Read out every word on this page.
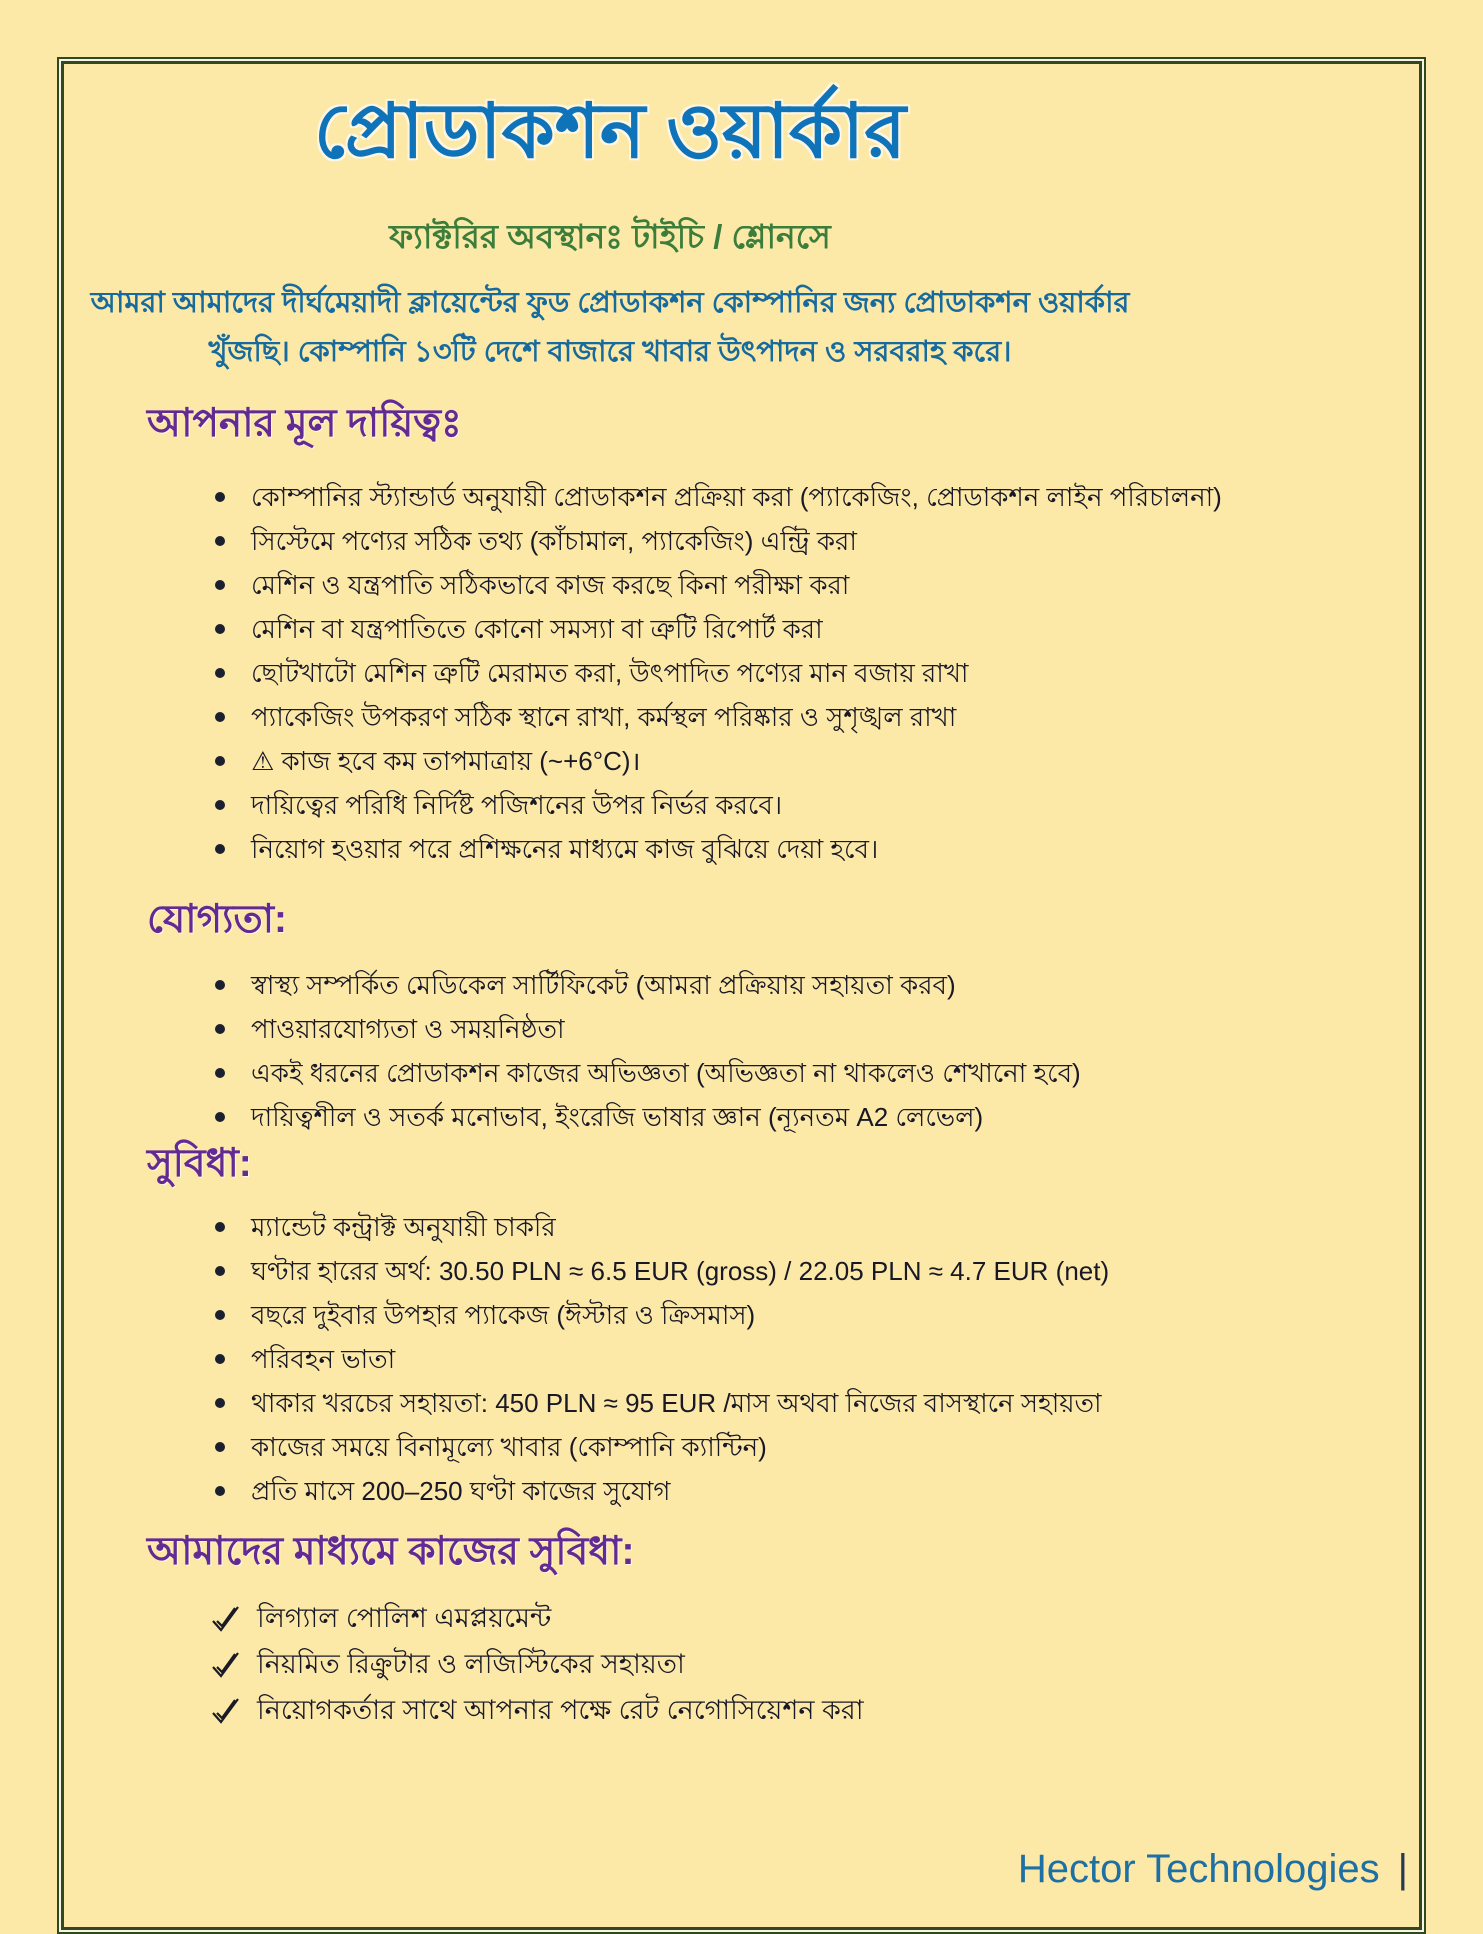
প্রোডাকশন ওয়ার্কার
ফ্যাক্টরির অবস্থানঃ টাইচি / শ্লোনসে
আমরা আমাদের দীর্ঘমেয়াদী ক্লায়েন্টের ফুড প্রোডাকশন কোম্পানির জন্য প্রোডাকশন ওয়ার্কার
খুঁজছি। কোম্পানি ১৩টি দেশে বাজারে খাবার উৎপাদন ও সরবরাহ করে।
আপনার মূল দায়িত্বঃ
কোম্পানির স্ট্যান্ডার্ড অনুযায়ী প্রোডাকশন প্রক্রিয়া করা (প্যাকেজিং, প্রোডাকশন লাইন পরিচালনা)
সিস্টেমে পণ্যের সঠিক তথ্য (কাঁচামাল, প্যাকেজিং) এন্ট্রি করা
মেশিন ও যন্ত্রপাতি সঠিকভাবে কাজ করছে কিনা পরীক্ষা করা
মেশিন বা যন্ত্রপাতিতে কোনো সমস্যা বা ত্রুটি রিপোর্ট করা
ছোটখাটো মেশিন ত্রুটি মেরামত করা, উৎপাদিত পণ্যের মান বজায় রাখা
প্যাকেজিং উপকরণ সঠিক স্থানে রাখা, কর্মস্থল পরিষ্কার ও সুশৃঙ্খল রাখা
⚠ কাজ হবে কম তাপমাত্রায় (~+6°C)।
দায়িত্বের পরিধি নির্দিষ্ট পজিশনের উপর নির্ভর করবে।
নিয়োগ হওয়ার পরে প্রশিক্ষনের মাধ্যমে কাজ বুঝিয়ে দেয়া হবে।
যোগ্যতা:
স্বাস্থ্য সম্পর্কিত মেডিকেল সার্টিফিকেট (আমরা প্রক্রিয়ায় সহায়তা করব)
পাওয়ারযোগ্যতা ও সময়নিষ্ঠতা
একই ধরনের প্রোডাকশন কাজের অভিজ্ঞতা (অভিজ্ঞতা না থাকলেও শেখানো হবে)
দায়িত্বশীল ও সতর্ক মনোভাব, ইংরেজি ভাষার জ্ঞান (ন্যূনতম A2 লেভেল)
সুবিধা:
ম্যান্ডেট কন্ট্রাক্ট অনুযায়ী চাকরি
ঘণ্টার হারের অর্থ: 30.50 PLN ≈ 6.5 EUR (gross) / 22.05 PLN ≈ 4.7 EUR (net)
বছরে দুইবার উপহার প্যাকেজ (ঈস্টার ও ক্রিসমাস)
পরিবহন ভাতা
থাকার খরচের সহায়তা: 450 PLN ≈ 95 EUR /মাস অথবা নিজের বাসস্থানে সহায়তা
কাজের সময়ে বিনামূল্যে খাবার (কোম্পানি ক্যান্টিন)
প্রতি মাসে 200–250 ঘণ্টা কাজের সুযোগ
আমাদের মাধ্যমে কাজের সুবিধা:
লিগ্যাল পোলিশ এমপ্লয়মেন্ট
নিয়মিত রিক্রুটার ও লজিস্টিকের সহায়তা
নিয়োগকর্তার সাথে আপনার পক্ষে রেট নেগোসিয়েশন করা
Hector Technologies |
